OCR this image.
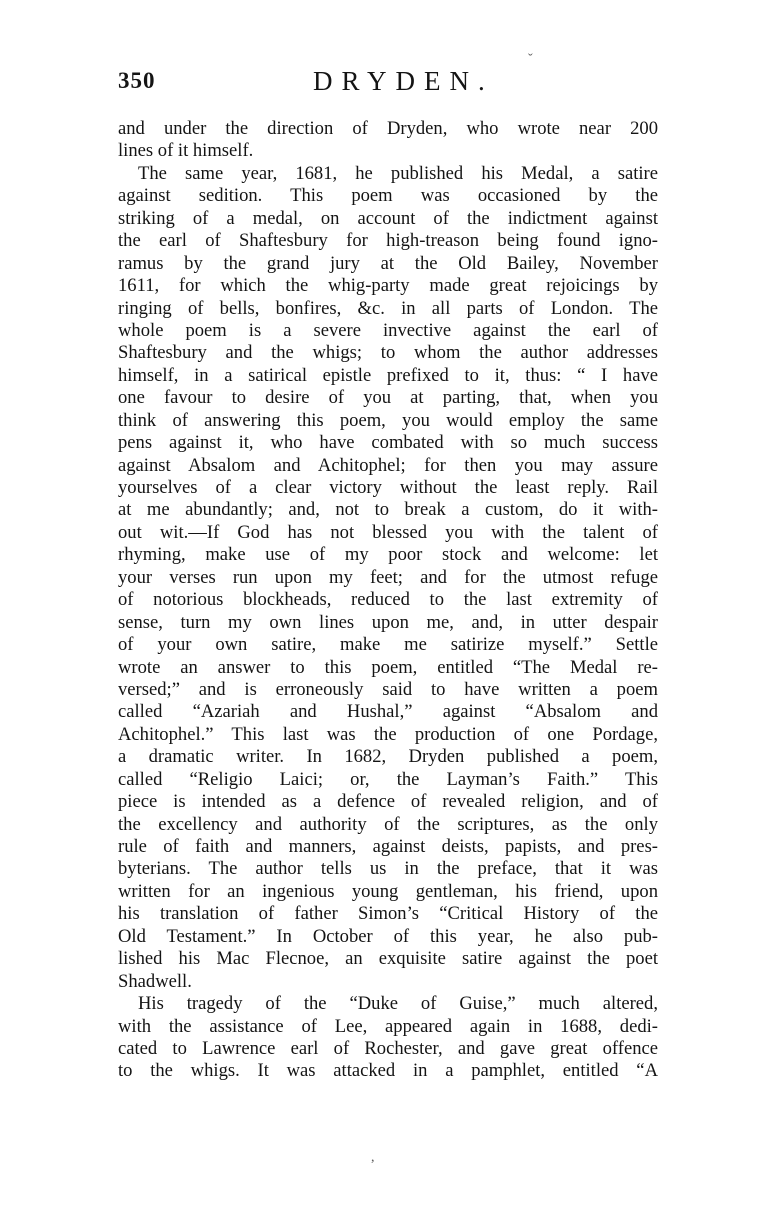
350	DRYDEN.
and under the direction of Dryden, who wrote near 200
lines of it himself.
The same year, 1681, he published his Medal, a satire
against sedition. This poem was occasioned by the
striking of a medal, on account of the indictment against
the earl of Shaftesbury for high-treason being found igno-
ramus by the grand jury at the Old Bailey, November
1611, for which the whig-party made great rejoicings by
ringing of bells, bonfires, &c. in all parts of London. The
whole poem is a severe invective against the earl of
Shaftesbury and the whigs; to whom the author addresses
himself, in a satirical epistle prefixed to it, thus: “ I have
one favour to desire of you at parting, that, when you
think of answering this poem, you would employ the same
pens against it, who have combated with so much success
against Absalom and Achitophel; for then you may assure
yourselves of a clear victory without the least reply. Rail
at me abundantly; and, not to break a custom, do it with-
out wit.—If God has not blessed you with the talent of
rhyming, make use of my poor stock and welcome: let
your verses run upon my feet; and for the utmost refuge
of notorious blockheads, reduced to the last extremity of
sense, turn my own lines upon me, and, in utter despair
of your own satire, make me satirize myself.” Settle
wrote an answer to this poem, entitled “The Medal re-
versed;” and is erroneously said to have written a poem
called “Azariah and Hushal,” against “Absalom and
Achitophel.” This last was the production of one Pordage,
a dramatic writer. In 1682, Dryden published a poem,
called “Religio Laici; or, the Layman’s Faith.” This
piece is intended as a defence of revealed religion, and of
the excellency and authority of the scriptures, as the only
rule of faith and manners, against deists, papists, and pres-
byterians. The author tells us in the preface, that it was
written for an ingenious young gentleman, his friend, upon
his translation of father Simon’s “Critical History of the
Old Testament.” In October of this year, he also pub-
lished his Mac Flecnoe, an exquisite satire against the poet
Shadwell.
His tragedy of the “Duke of Guise,” much altered,
with the assistance of Lee, appeared again in 1688, dedi-
cated to Lawrence earl of Rochester, and gave great offence
to the whigs. It was attacked in a pamphlet, entitled “A
ˇ
,
